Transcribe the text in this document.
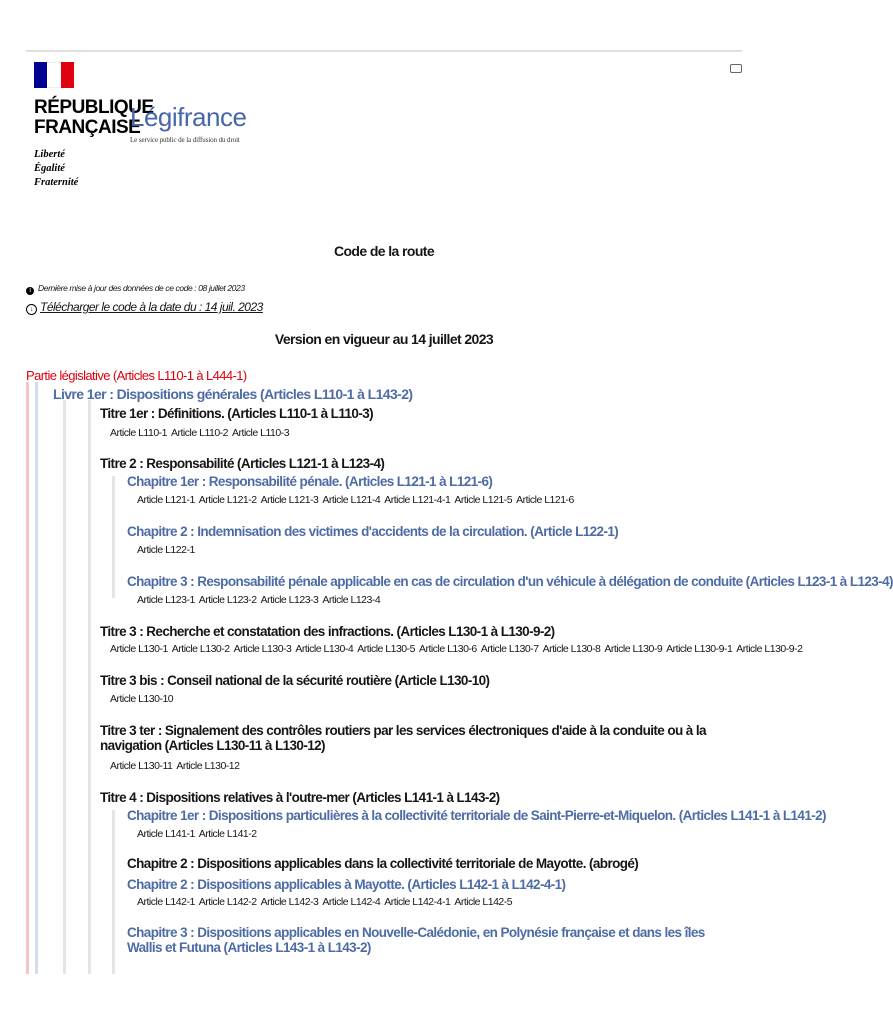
RÉPUBLIQUE
FRANÇAISE
Liberté
Égalité
Fraternité
Légifrance
Le service public de la diffusion du droit
Code de la route
i Dernière mise à jour des données de ce code : 08 juillet 2023
↓ Télécharger le code à la date du : 14 juil. 2023
Version en vigueur au 14 juillet 2023
Partie législative (Articles L110-1 à L444-1)
Livre 1er : Dispositions générales (Articles L110-1 à L143-2)
Titre 1er : Définitions. (Articles L110-1 à L110-3)
Article L110-1 Article L110-2 Article L110-3
Titre 2 : Responsabilité (Articles L121-1 à L123-4)
Chapitre 1er : Responsabilité pénale. (Articles L121-1 à L121-6)
Article L121-1 Article L121-2 Article L121-3 Article L121-4 Article L121-4-1 Article L121-5 Article L121-6
Chapitre 2 : Indemnisation des victimes d'accidents de la circulation. (Article L122-1)
Article L122-1
Chapitre 3 : Responsabilité pénale applicable en cas de circulation d'un véhicule à délégation de conduite (Articles L123-1 à L123-4)
Article L123-1 Article L123-2 Article L123-3 Article L123-4
Titre 3 : Recherche et constatation des infractions. (Articles L130-1 à L130-9-2)
Article L130-1 Article L130-2 Article L130-3 Article L130-4 Article L130-5 Article L130-6 Article L130-7 Article L130-8 Article L130-9 Article L130-9-1 Article L130-9-2
Titre 3 bis : Conseil national de la sécurité routière (Article L130-10)
Article L130-10
Titre 3 ter : Signalement des contrôles routiers par les services électroniques d'aide à la conduite ou à la navigation (Articles L130-11 à L130-12)
Article L130-11 Article L130-12
Titre 4 : Dispositions relatives à l'outre-mer (Articles L141-1 à L143-2)
Chapitre 1er : Dispositions particulières à la collectivité territoriale de Saint-Pierre-et-Miquelon. (Articles L141-1 à L141-2)
Article L141-1 Article L141-2
Chapitre 2 : Dispositions applicables dans la collectivité territoriale de Mayotte. (abrogé)
Chapitre 2 : Dispositions applicables à Mayotte. (Articles L142-1 à L142-4-1)
Article L142-1 Article L142-2 Article L142-3 Article L142-4 Article L142-4-1 Article L142-5
Chapitre 3 : Dispositions applicables en Nouvelle-Calédonie, en Polynésie française et dans les îles Wallis et Futuna (Articles L143-1 à L143-2)
